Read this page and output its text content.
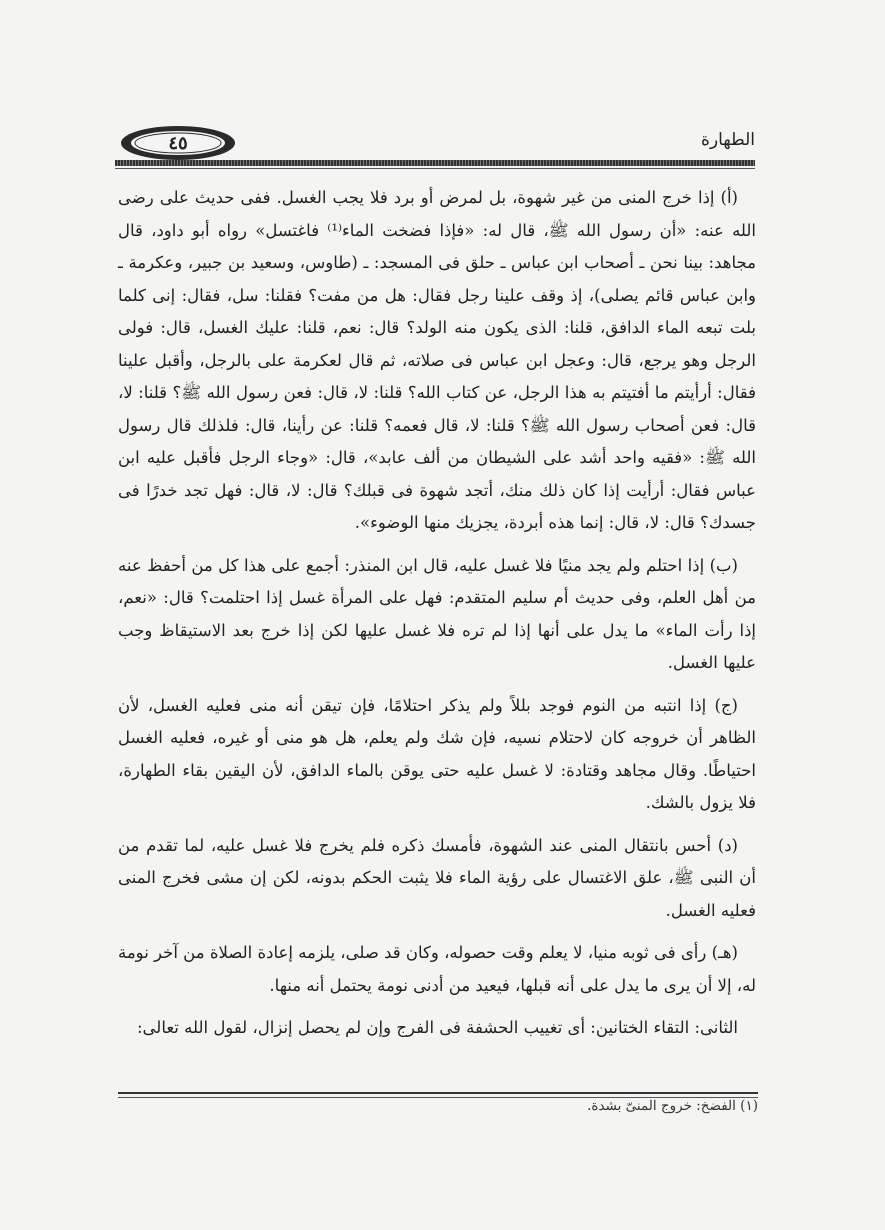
٤٥	الطهارة

(أ) إذا خرج المنى من غير شهوة، بل لمرض أو برد فلا يجب الغسل. ففى حديث على رضى الله عنه: «أن رسول الله ﷺ، قال له: «فإذا فضخت الماء⁽¹⁾ فاغتسل» رواه أبو داود، قال مجاهد: بينا نحن ـ أصحاب ابن عباس ـ حلق فى المسجد: ـ (طاوس، وسعيد بن جبير، وعكرمة ـ وابن عباس قائم يصلى)، إذ وقف علينا رجل فقال: هل من مفت؟ فقلنا: سل، فقال: إنى كلما بلت تبعه الماء الدافق، قلنا: الذى يكون منه الولد؟ قال: نعم، قلنا: عليك الغسل، قال: فولى الرجل وهو يرجع، قال: وعجل ابن عباس فى صلاته، ثم قال لعكرمة على بالرجل، وأقبل علينا فقال: أرأيتم ما أفتيتم به هذا الرجل، عن كتاب الله؟ قلنا: لا، قال: فعن رسول الله ﷺ؟ قلنا: لا، قال: فعن أصحاب رسول الله ﷺ؟ قلنا: لا، قال فعمه؟ قلنا: عن رأينا، قال: فلذلك قال رسول الله ﷺ: «فقيه واحد أشد على الشيطان من ألف عابد»، قال: «وجاء الرجل فأقبل عليه ابن عباس فقال: أرأيت إذا كان ذلك منك، أتجد شهوة فى قبلك؟ قال: لا، قال: فهل تجد خدرًا فى جسدك؟ قال: لا، قال: إنما هذه أبردة، يجزيك منها الوضوء».

(ب) إذا احتلم ولم يجد منيًا فلا غسل عليه، قال ابن المنذر: أجمع على هذا كل من أحفظ عنه من أهل العلم، وفى حديث أم سليم المتقدم: فهل على المرأة غسل إذا احتلمت؟ قال: «نعم، إذا رأت الماء» ما يدل على أنها إذا لم تره فلا غسل عليها لكن إذا خرج بعد الاستيقاظ وجب عليها الغسل.

(ج) إذا انتبه من النوم فوجد بللاً ولم يذكر احتلامًا، فإن تيقن أنه منى فعليه الغسل، لأن الظاهر أن خروجه كان لاحتلام نسيه، فإن شك ولم يعلم، هل هو منى أو غيره، فعليه الغسل احتياطًا. وقال مجاهد وقتادة: لا غسل عليه حتى يوقن بالماء الدافق، لأن اليقين بقاء الطهارة، فلا يزول بالشك.

(د) أحس بانتقال المنى عند الشهوة، فأمسك ذكره فلم يخرج فلا غسل عليه، لما تقدم من أن النبى ﷺ، علق الاغتسال على رؤية الماء فلا يثبت الحكم بدونه، لكن إن مشى فخرج المنى فعليه الغسل.

(هـ) رأى فى ثوبه منيا، لا يعلم وقت حصوله، وكان قد صلى، يلزمه إعادة الصلاة من آخر نومة له، إلا أن يرى ما يدل على أنه قبلها، فيعيد من أدنى نومة يحتمل أنه منها.

الثانى: التقاء الختانين: أى تغييب الحشفة فى الفرج وإن لم يحصل إنزال، لقول الله تعالى:

(١) الفضخ: خروج المنىّ بشدة.
